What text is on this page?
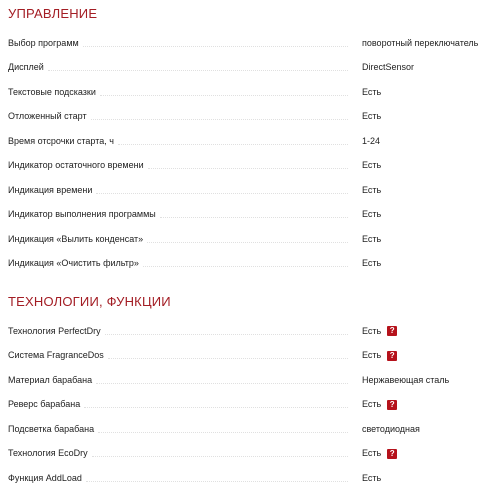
УПРАВЛЕНИЕ
Выбор программ	поворотный переключатель
Дисплей	DirectSensor
Текстовые подсказки	Есть
Отложенный старт	Есть
Время отсрочки старта, ч	1-24
Индикатор остаточного времени	Есть
Индикация времени	Есть
Индикатор выполнения программы	Есть
Индикация «Вылить конденсат»	Есть
Индикация «Очистить фильтр»	Есть
ТЕХНОЛОГИИ, ФУНКЦИИ
Технология PerfectDry	Есть	?
Система FragranceDos	Есть	?
Материал барабана	Нержавеющая сталь
Реверс барабана	Есть	?
Подсветка барабана	светодиодная
Технология EcoDry	Есть	?
Функция AddLoad	Есть
